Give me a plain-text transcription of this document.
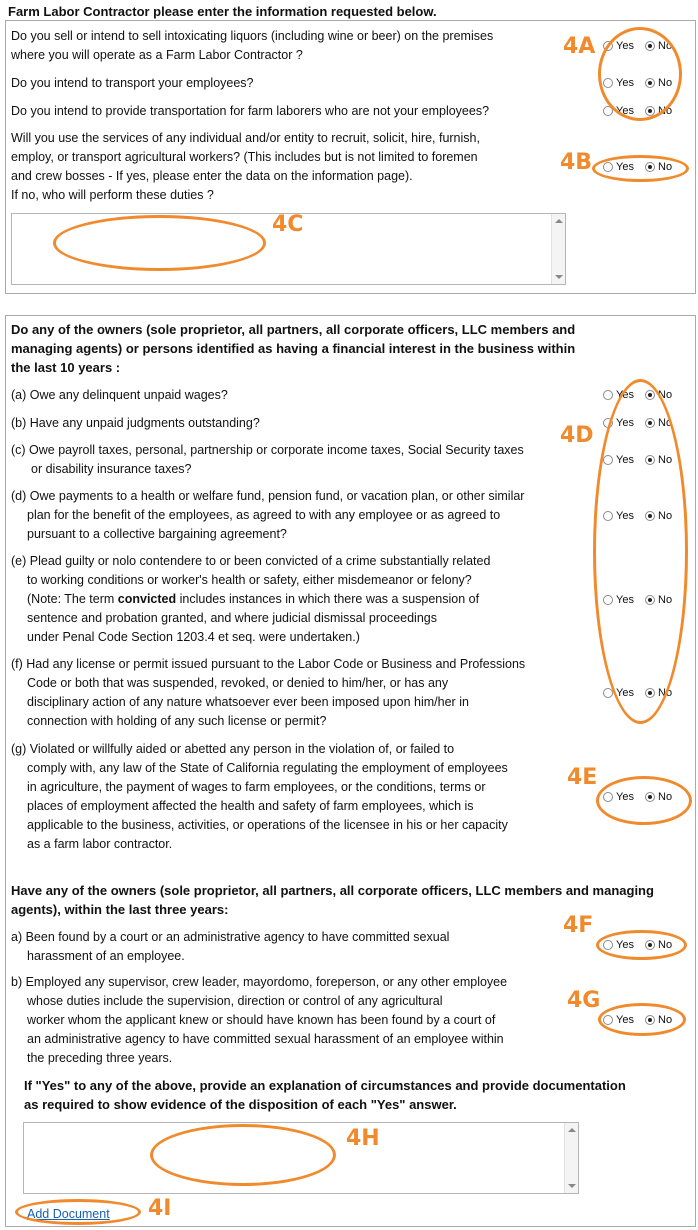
Farm Labor Contractor please enter the information requested below.
Do you sell or intend to sell intoxicating liquors (including wine or beer) on the premises
where you will operate as a Farm Labor Contractor ?
Do you intend to transport your employees?
Do you intend to provide transportation for farm laborers who are not your employees?
Will you use the services of any individual and/or entity to recruit, solicit, hire, furnish,
employ, or transport agricultural workers? (This includes but is not limited to foremen
and crew bosses - If yes, please enter the data on the information page).
If no, who will perform these duties ?
Yes No
Yes No
Yes No
Yes No
Do any of the owners (sole proprietor, all partners, all corporate officers, LLC members and
managing agents) or persons identified as having a financial interest in the business within
the last 10 years :
(a) Owe any delinquent unpaid wages?
(b) Have any unpaid judgments outstanding?
(c) Owe payroll taxes, personal, partnership or corporate income taxes, Social Security taxes
or disability insurance taxes?
(d) Owe payments to a health or welfare fund, pension fund, or vacation plan, or other similar
plan for the benefit of the employees, as agreed to with any employee or as agreed to
pursuant to a collective bargaining agreement?
(e) Plead guilty or nolo contendere to or been convicted of a crime substantially related
to working conditions or worker's health or safety, either misdemeanor or felony?
(Note: The term convicted includes instances in which there was a suspension of
sentence and probation granted, and where judicial dismissal proceedings
under Penal Code Section 1203.4 et seq. were undertaken.)
(f) Had any license or permit issued pursuant to the Labor Code or Business and Professions
Code or both that was suspended, revoked, or denied to him/her, or has any
disciplinary action of any nature whatsoever ever been imposed upon him/her in
connection with holding of any such license or permit?
(g) Violated or willfully aided or abetted any person in the violation of, or failed to
comply with, any law of the State of California regulating the employment of employees
in agriculture, the payment of wages to farm employees, or the conditions, terms or
places of employment affected the health and safety of farm employees, which is
applicable to the business, activities, or operations of the licensee in his or her capacity
as a farm labor contractor.
Yes No
Yes No
Yes No
Yes No
Yes No
Yes No
Yes No
Have any of the owners (sole proprietor, all partners, all corporate officers, LLC members and managing
agents), within the last three years:
a) Been found by a court or an administrative agency to have committed sexual
harassment of an employee.
b) Employed any supervisor, crew leader, mayordomo, foreperson, or any other employee
whose duties include the supervision, direction or control of any agricultural
worker whom the applicant knew or should have known has been found by a court of
an administrative agency to have committed sexual harassment of an employee within
the preceding three years.
Yes No
Yes No
If "Yes" to any of the above, provide an explanation of circumstances and provide documentation
as required to show evidence of the disposition of each "Yes" answer.
Add Document
4A
4B
4C
4D
4E
4F
4G
4H
4I
